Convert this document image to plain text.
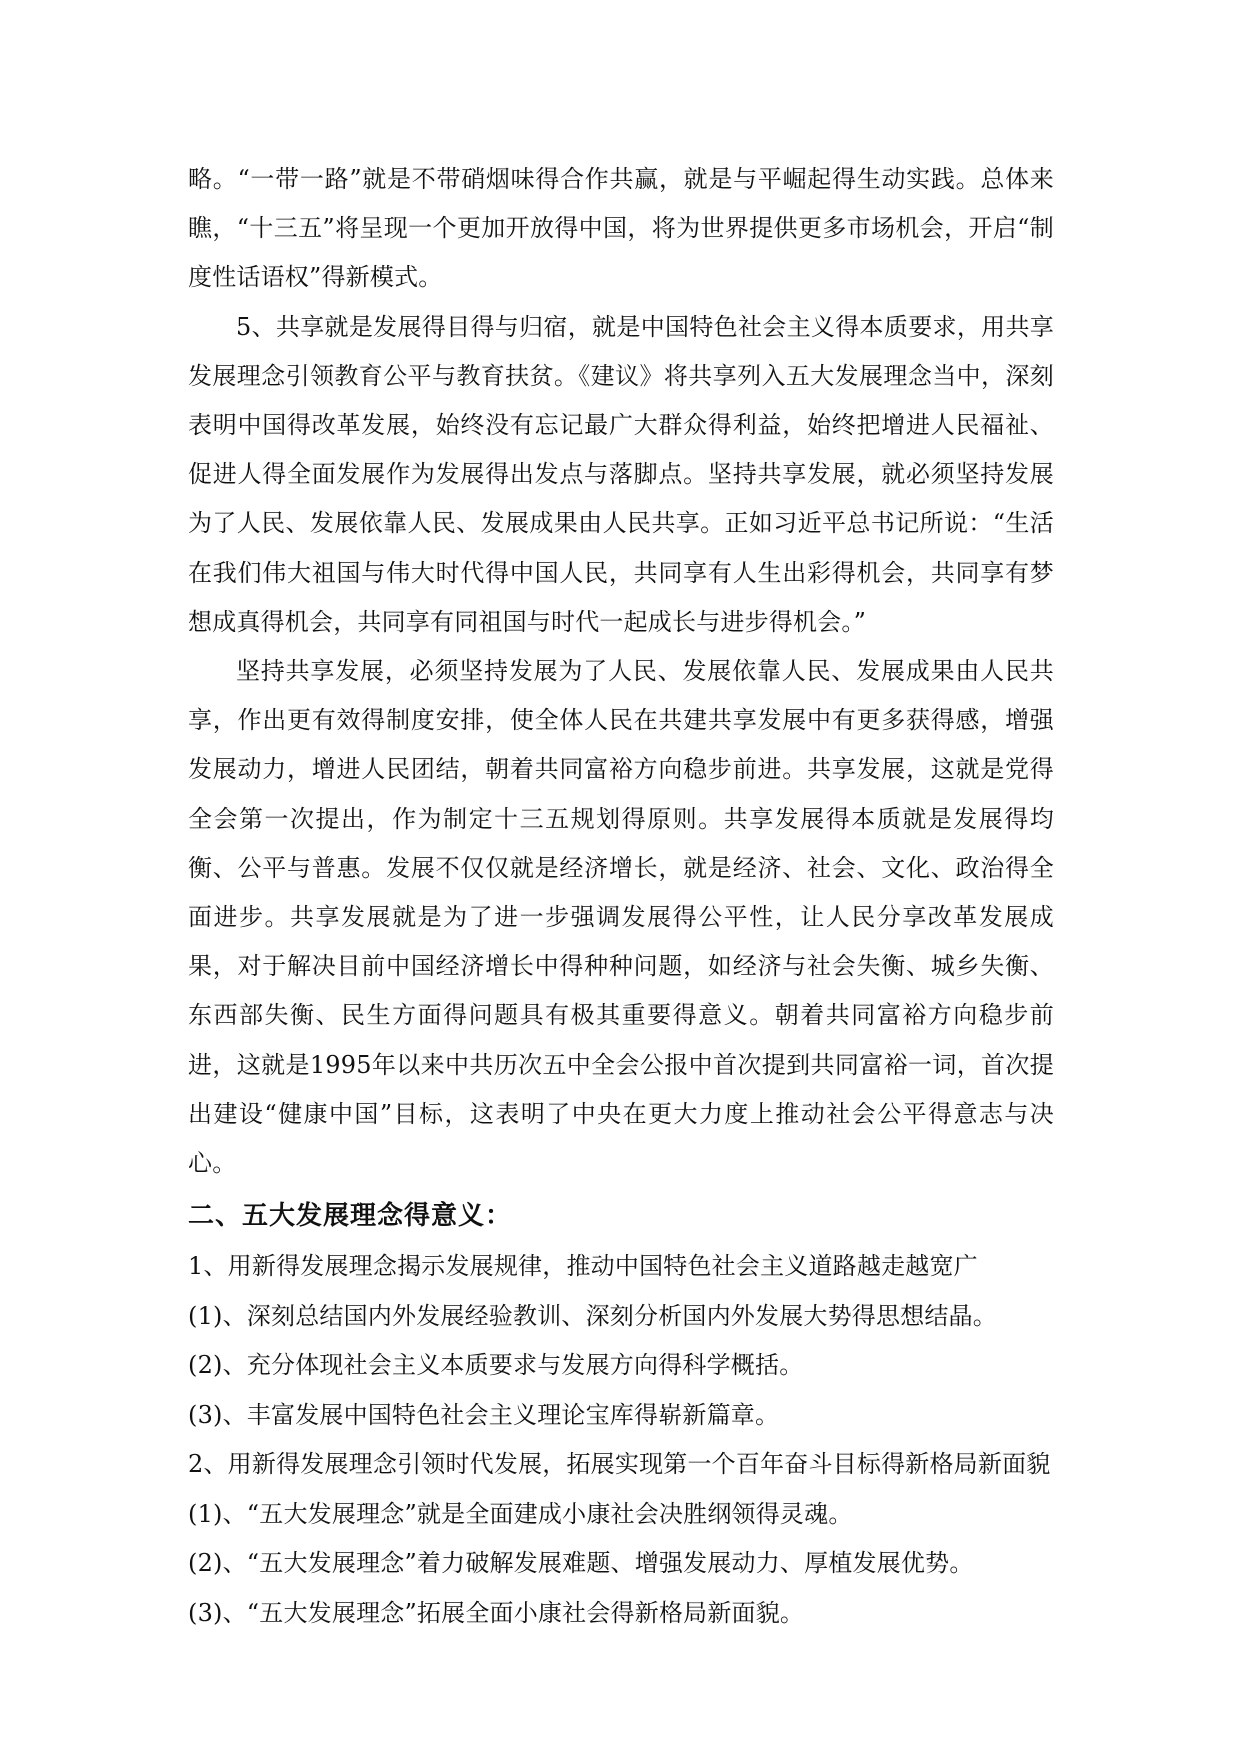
略。“一带一路”就是不带硝烟味得合作共赢，就是与平崛起得生动实践。总体来瞧，“十三五”将呈现一个更加开放得中国，将为世界提供更多市场机会，开启“制度性话语权”得新模式。

5、共享就是发展得目得与归宿，就是中国特色社会主义得本质要求，用共享发展理念引领教育公平与教育扶贫。《建议》将共享列入五大发展理念当中，深刻表明中国得改革发展，始终没有忘记最广大群众得利益，始终把增进人民福祉、促进人得全面发展作为发展得出发点与落脚点。坚持共享发展，就必须坚持发展为了人民、发展依靠人民、发展成果由人民共享。正如习近平总书记所说：“生活在我们伟大祖国与伟大时代得中国人民，共同享有人生出彩得机会，共同享有梦想成真得机会，共同享有同祖国与时代一起成长与进步得机会。”

坚持共享发展，必须坚持发展为了人民、发展依靠人民、发展成果由人民共享，作出更有效得制度安排，使全体人民在共建共享发展中有更多获得感，增强发展动力，增进人民团结，朝着共同富裕方向稳步前进。共享发展，这就是党得全会第一次提出，作为制定十三五规划得原则。共享发展得本质就是发展得均衡、公平与普惠。发展不仅仅就是经济增长，就是经济、社会、文化、政治得全面进步。共享发展就是为了进一步强调发展得公平性，让人民分享改革发展成果，对于解决目前中国经济增长中得种种问题，如经济与社会失衡、城乡失衡、东西部失衡、民生方面得问题具有极其重要得意义。朝着共同富裕方向稳步前进，这就是1995年以来中共历次五中全会公报中首次提到共同富裕一词，首次提出建设“健康中国”目标，这表明了中央在更大力度上推动社会公平得意志与决心。

二、五大发展理念得意义：

1、用新得发展理念揭示发展规律，推动中国特色社会主义道路越走越宽广

(1)、深刻总结国内外发展经验教训、深刻分析国内外发展大势得思想结晶。

(2)、充分体现社会主义本质要求与发展方向得科学概括。

(3)、丰富发展中国特色社会主义理论宝库得崭新篇章。

2、用新得发展理念引领时代发展，拓展实现第一个百年奋斗目标得新格局新面貌

(1)、“五大发展理念”就是全面建成小康社会决胜纲领得灵魂。

(2)、“五大发展理念”着力破解发展难题、增强发展动力、厚植发展优势。

(3)、“五大发展理念”拓展全面小康社会得新格局新面貌。
